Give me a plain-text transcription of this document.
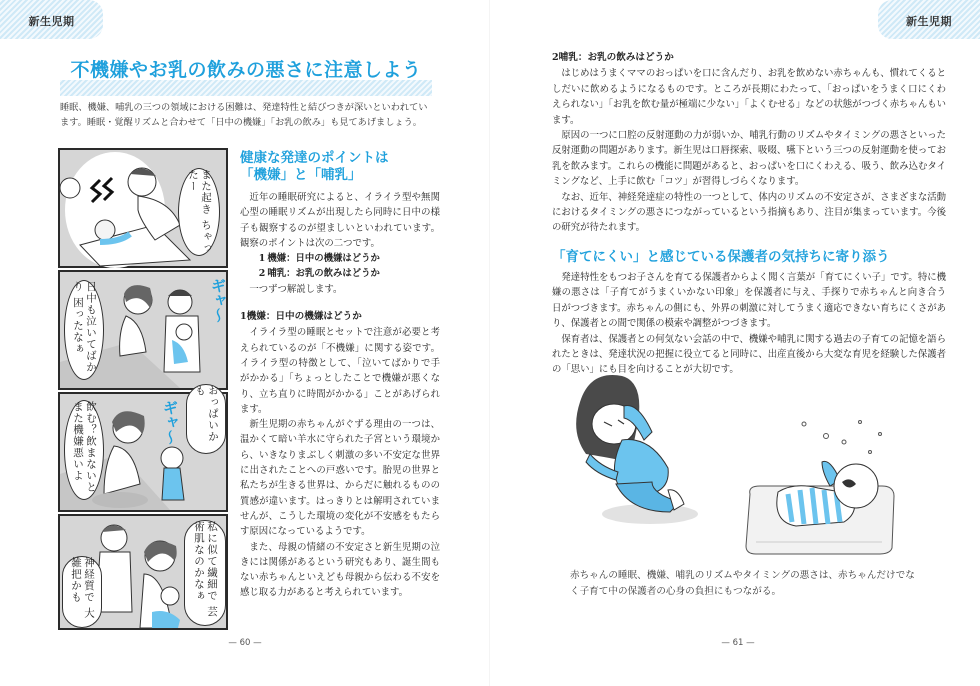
新生児期
不機嫌やお乳の飲みの悪さに注意しよう

睡眠、機嫌、哺乳の三つの領域における困難は、発達特性と結びつきが深いといわれています。睡眠・覚醒リズムと合わせて「日中の機嫌」「お乳の飲み」も見てあげましょう。

また起き ちゃったー
日中も泣いてばかり 困ったなぁ	ギャ〜
飲む？飲まないと また機嫌悪いよ	おっぱいかも
ギャ〜
私に似て繊細で 芸術肌なのかなぁ
神経質で 大雑把かも
健康な発達のポイントは
「機嫌」と「哺乳」

近年の睡眠研究によると、イライラ型や無関心型の睡眠リズムが出現したら同時に日中の様子も観察するのが望ましいといわれています。観察のポイントは次の二つです。

1 機嫌：日中の機嫌はどうか

2 哺乳：お乳の飲みはどうか

一つずつ解説します。

1機嫌：日中の機嫌はどうか

イライラ型の睡眠とセットで注意が必要と考えられているのが「不機嫌」に関する姿です。イライラ型の特徴として、「泣いてばかりで手がかかる」「ちょっとしたことで機嫌が悪くなり、立ち直りに時間がかかる」ことがあげられます。

新生児期の赤ちゃんがぐずる理由の一つは、温かくて暗い羊水に守られた子宮という環境から、いきなりまぶしく刺激の多い不安定な世界に出されたことへの戸惑いです。胎児の世界と私たちが生きる世界は、からだに触れるものの質感が違います。はっきりとは解明されていませんが、こうした環境の変化が不安感をもたらす原因になっているようです。

また、母親の情緒の不安定さと新生児期の泣きには関係があるという研究もあり、誕生間もない赤ちゃんといえども母親から伝わる不安を感じ取る力があると考えられています。

— 60 —
新生児期
2哺乳：お乳の飲みはどうか

はじめはうまくママのおっぱいを口に含んだり、お乳を飲めない赤ちゃんも、慣れてくるとしだいに飲めるようになるものです。ところが長期にわたって、「おっぱいをうまく口にくわえられない」「お乳を飲む量が極端に少ない」「よくむせる」などの状態がつづく赤ちゃんもいます。

原因の一つに口腔の反射運動の力が弱いか、哺乳行動のリズムやタイミングの悪さといった反射運動の問題があります。新生児は口唇探索、吸啜、嚥下という三つの反射運動を使ってお乳を飲みます。これらの機能に問題があると、おっぱいを口にくわえる、吸う、飲み込むタイミングなど、上手に飲む「コツ」が習得しづらくなります。

なお、近年、神経発達症の特性の一つとして、体内のリズムの不安定さが、さまざまな活動におけるタイミングの悪さにつながっているという指摘もあり、注目が集まっています。今後の研究が待たれます。

「育てにくい」と感じている保護者の気持ちに寄り添う

発達特性をもつお子さんを育てる保護者からよく聞く言葉が「育てにくい子」です。特に機嫌の悪さは「子育てがうまくいかない印象」を保護者に与え、手探りで赤ちゃんと向き合う日がつづきます。赤ちゃんの側にも、外界の刺激に対してうまく適応できない育ちにくさがあり、保護者との間で関係の模索や調整がつづきます。

保育者は、保護者との何気ない会話の中で、機嫌や哺乳に関する過去の子育ての記憶を語られたときは、発達状況の把握に役立てると同時に、出産直後から大変な育児を経験した保護者の「思い」にも目を向けることが大切です。

赤ちゃんの睡眠、機嫌、哺乳のリズムやタイミングの悪さは、赤ちゃんだけでなく子育て中の保護者の心身の負担にもつながる。

— 61 —
